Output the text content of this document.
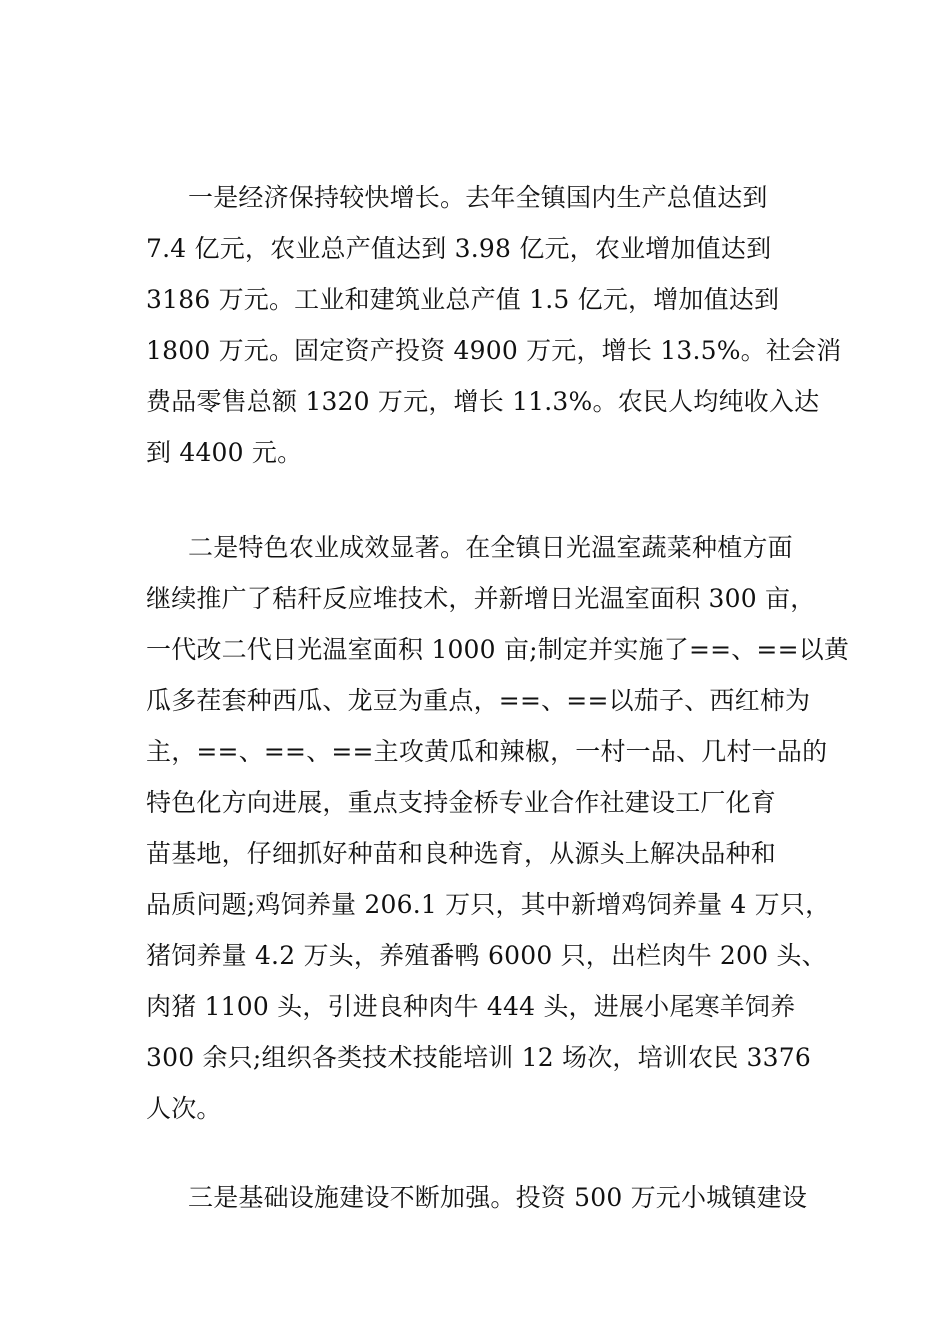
一是经济保持较快增长。去年全镇国内生产总值达到
7.4 亿元，农业总产值达到 3.98 亿元，农业增加值达到
3186 万元。工业和建筑业总产值 1.5 亿元，增加值达到
1800 万元。固定资产投资 4900 万元，增长 13.5%。社会消
费品零售总额 1320 万元，增长 11.3%。农民人均纯收入达
到 4400 元。
二是特色农业成效显著。在全镇日光温室蔬菜种植方面
继续推广了秸秆反应堆技术，并新增日光温室面积 300 亩，
一代改二代日光温室面积 1000 亩;制定并实施了==、==以黄
瓜多茬套种西瓜、龙豆为重点，==、==以茄子、西红柿为
主，==、==、==主攻黄瓜和辣椒，一村一品、几村一品的
特色化方向进展，重点支持金桥专业合作社建设工厂化育
苗基地，仔细抓好种苗和良种选育，从源头上解决品种和
品质问题;鸡饲养量 206.1 万只，其中新增鸡饲养量 4 万只，
猪饲养量 4.2 万头，养殖番鸭 6000 只，出栏肉牛 200 头、
肉猪 1100 头，引进良种肉牛 444 头，进展小尾寒羊饲养
300 余只;组织各类技术技能培训 12 场次，培训农民 3376
人次。
三是基础设施建设不断加强。投资 500 万元小城镇建设
